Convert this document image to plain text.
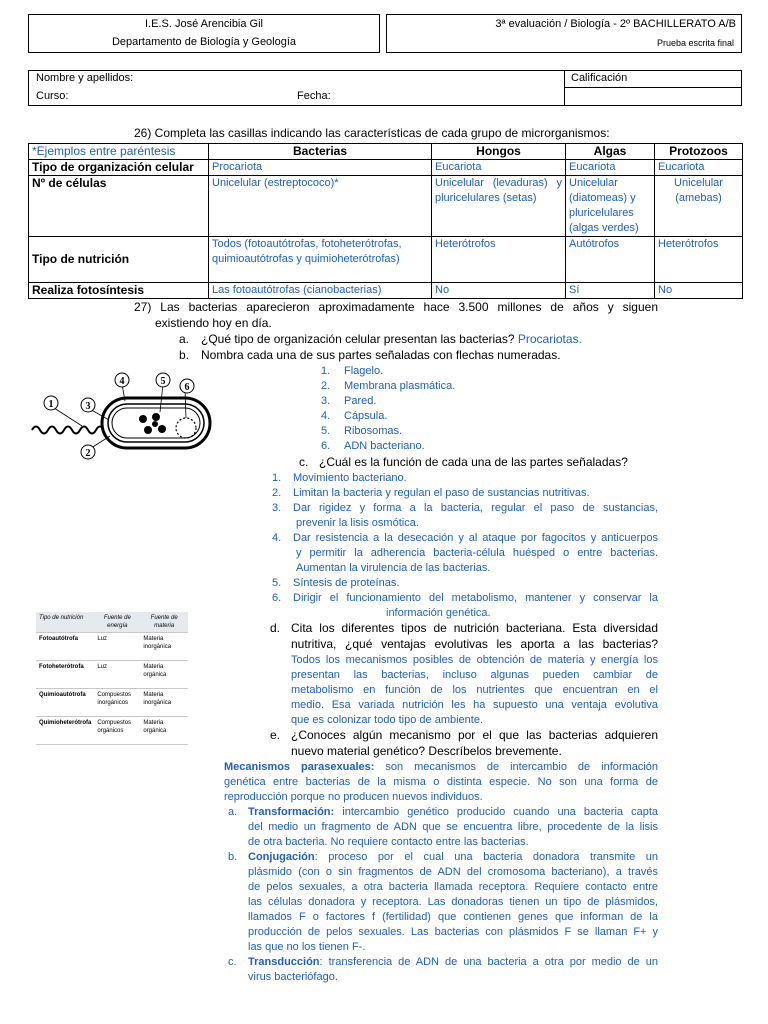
I.E.S. José Arencibia Gil
Departamento de Biología y Geología
3ª evaluación / Biología - 2º BACHILLERATO A/B
Prueba escrita final
Nombre y apellidos:
Curso:	Fecha:
Calificación
26) Completa las casillas indicando las características de cada grupo de microrganismos:
*Ejemplos entre paréntesis	Bacterias	Hongos	Algas	Protozoos
Tipo de organización celular	Procariota	Eucariota	Eucariota	Eucariota
Nº de células	Unicelular (estreptococo)*	Unicelular (levaduras) y pluricelulares (setas)	Unicelular (diatomeas) y pluricelulares (algas verdes)	Unicelular (amebas)
Tipo de nutrición	Todos (fotoautótrofas, fotoheterótrofas, quimioautótrofas y quimioheterótrofas)	Heterótrofos	Autótrofos	Heterótrofos
Realiza fotosíntesis	Las fotoautótrofas (cianobacterias)	No	Sí	No
27) Las bacterias aparecieron aproximadamente hace 3.500 millones de años y siguen
existiendo hoy en día.
a. ¿Qué tipo de organización celular presentan las bacterias? Procariotas.
b. Nombra cada una de sus partes señaladas con flechas numeradas.
1. Flagelo.
2. Membrana plasmática.
3. Pared.
4. Cápsula.
5. Ribosomas.
6. ADN bacteriano.
1
2
3
4	5
6
c. ¿Cuál es la función de cada una de las partes señaladas?
1. Movimiento bacteriano.
2. Limitan la bacteria y regulan el paso de sustancias nutritivas.
3. Dar rigidez y forma a la bacteria, regular el paso de sustancias,
prevenir la lisis osmótica.
4. Dar resistencia a la desecación y al ataque por fagocitos y anticuerpos
y permitir la adherencia bacteria-célula huésped o entre bacterias.
Aumentan la virulencia de las bacterias.
5. Síntesis de proteínas.
6. Dirigir el funcionamiento del metabolismo, mantener y conservar la
información genética.
Tipo de nutrición	Fuente de energía	Fuente de materia
Fotoautótrofa	Luz	Materia inorgánica
Fotoheterótrofa	Luz	Materia orgánica
Quimioautótrofa	Compuestos inorgánicos	Materia inorgánica
Quimioheterótrofa	Compuestos orgánicos	Materia orgánica
d. Cita los diferentes tipos de nutrición bacteriana. Esta diversidad
nutritiva, ¿qué ventajas evolutivas les aporta a las bacterias?
Todos los mecanismos posibles de obtención de materia y energía los
presentan las bacterias, incluso algunas pueden cambiar de
metabolismo en función de los nutrientes que encuentran en el
medio. Esa variada nutrición les ha supuesto una ventaja evolutiva
que es colonizar todo tipo de ambiente.
e. ¿Conoces algún mecanismo por el que las bacterias adquieren
nuevo material genético? Descríbelos brevemente.
Mecanismos parasexuales: son mecanismos de intercambio de información
genética entre bacterias de la misma o distinta especie. No son una forma de
reproducción porque no producen nuevos individuos.
a. Transformación: intercambio genético producido cuando una bacteria capta
del medio un fragmento de ADN que se encuentra libre, procedente de la lisis
de otra bacteria. No requiere contacto entre las bacterias.
b. Conjugación: proceso por el cual una bacteria donadora transmite un
plásmido (con o sin fragmentos de ADN del cromosoma bacteriano), a través
de pelos sexuales, a otra bacteria llamada receptora. Requiere contacto entre
las células donadora y receptora. Las donadoras tienen un tipo de plásmidos,
llamados F o factores f (fertilidad) que contienen genes que informan de la
producción de pelos sexuales. Las bacterias con plásmidos F se llaman F+ y
las que no los tienen F-.
c. Transducción: transferencia de ADN de una bacteria a otra por medio de un
virus bacteriófago.
